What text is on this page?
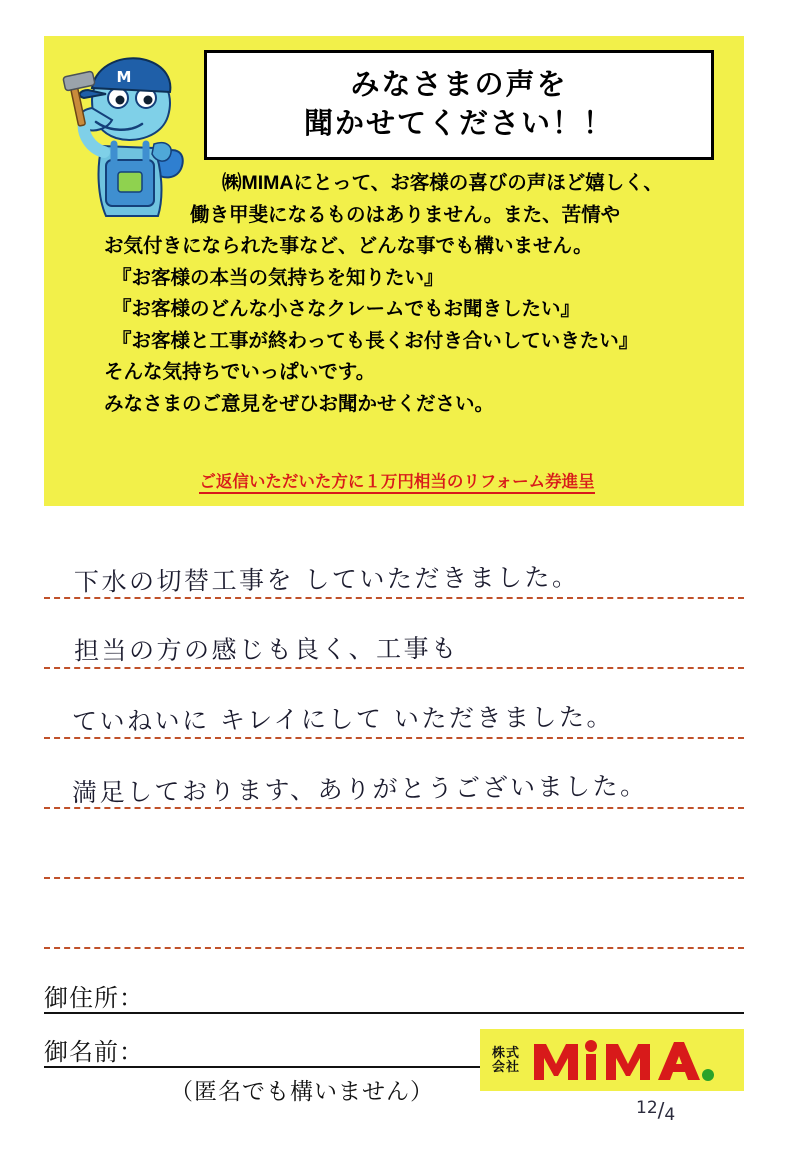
M	みなさまの声を
聞かせてください！！
㈱MIMAにとって、お客様の喜びの声ほど嬉しく、
働き甲斐になるものはありません。また、苦情や
お気付きになられた事など、どんな事でも構いません。
『お客様の本当の気持ちを知りたい』
『お客様のどんな小さなクレームでもお聞きしたい』
『お客様と工事が終わっても長くお付き合いしていきたい』
そんな気持ちでいっぱいです。
みなさまのご意見をぜひお聞かせください。
ご返信いただいた方に１万円相当のリフォーム券進呈
下水の切替工事を していただきました。
担当の方の感じも良く、工事も
ていねいに キレイにして いただきました。
満足しております、ありがとうございました。
御住所：
御名前：
（匿名でも構いません）
株式
会社
12/4
